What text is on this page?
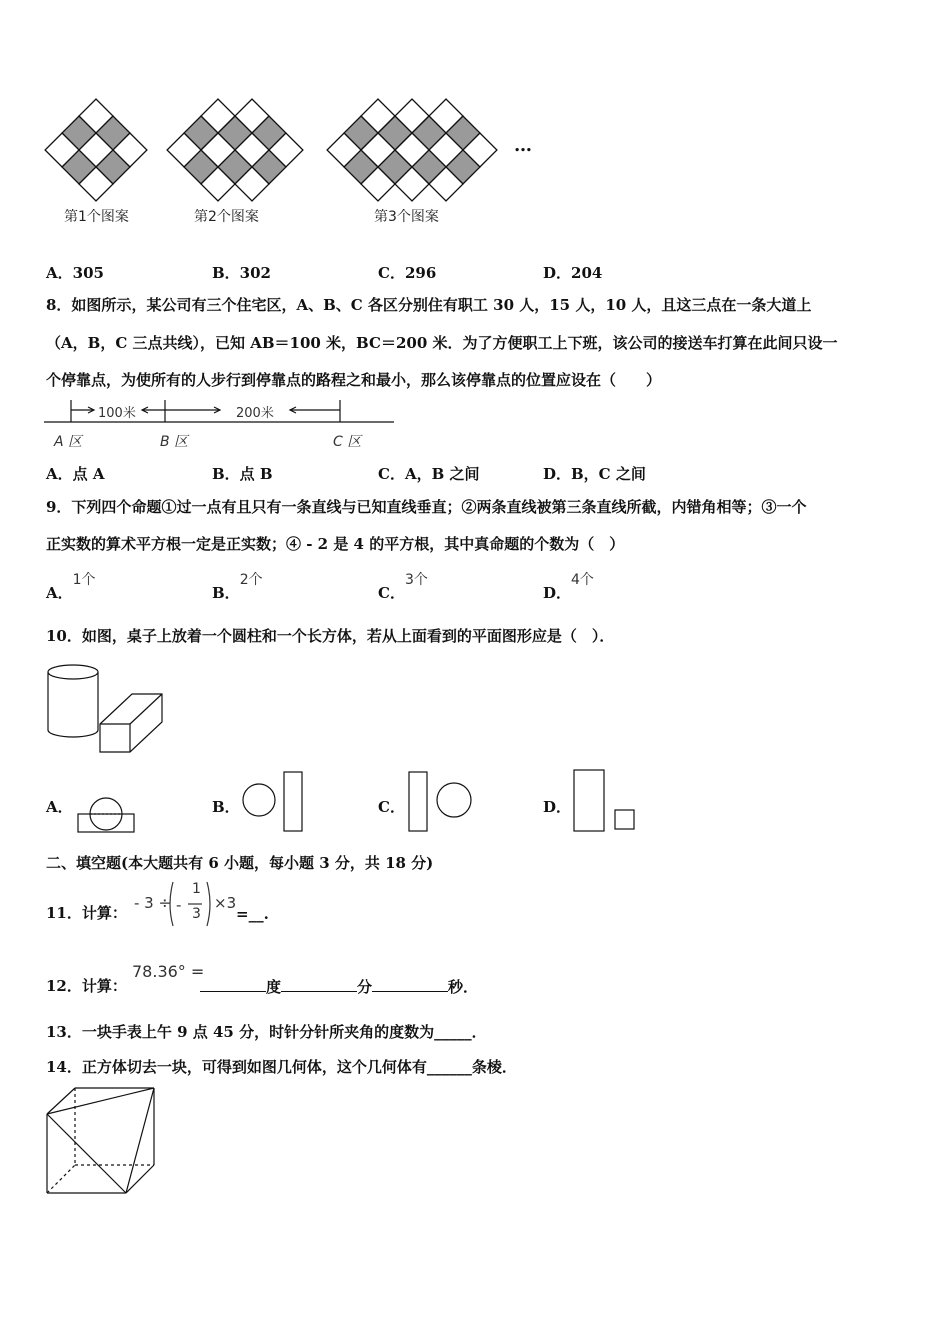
…
第1个图案	第2个图案	第3个图案
A．305	B．302	C．296	D．204
8．如图所示，某公司有三个住宅区，A、B、C 各区分别住有职工 30 人，15 人，10 人，且这三点在一条大道上
（A，B，C 三点共线），已知 AB＝100 米，BC＝200 米．为了方便职工上下班，该公司的接送车打算在此间只设一
个停靠点，为使所有的人步行到停靠点的路程之和最小，那么该停靠点的位置应设在（　　）
100米	200米
A 区	B 区	C 区
A．点 A	B．点 B	C．A，B 之间	D．B，C 之间
9．下列四个命题①过一点有且只有一条直线与已知直线垂直；②两条直线被第三条直线所截，内错角相等；③一个
正实数的算术平方根一定是正实数；④ - 2 是 4 的平方根，其中真命题的个数为（　）
A．1个
B．2个
C．3个
D．4个
10．如图，桌子上放着一个圆柱和一个长方体，若从上面看到的平面图形应是（　）．
A．	B．	C．	D．
二、填空题(本大题共有 6 小题，每小题 3 分，共 18 分)
11．计算：
- 3 ÷ -
1
3
×3
=__.
12．计算：
78.36° =
度	分	秒．
13．一块手表上午 9 点 45 分，时针分针所夹角的度数为_____．
14．正方体切去一块，可得到如图几何体，这个几何体有______条棱．
